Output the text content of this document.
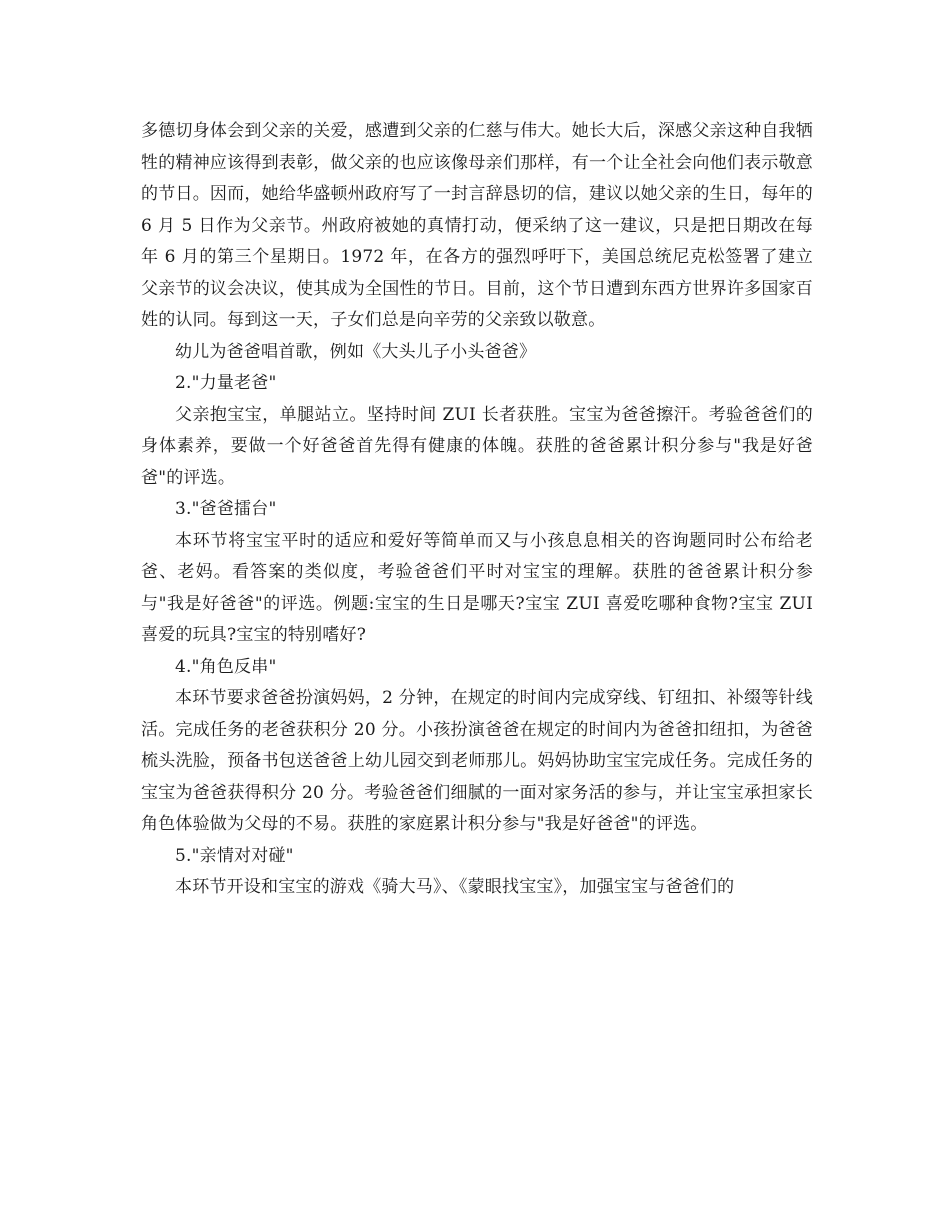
多德切身体会到父亲的关爱，感遭到父亲的仁慈与伟大。她长大后，深感父亲这种自我牺牲的精神应该得到表彰，做父亲的也应该像母亲们那样，有一个让全社会向他们表示敬意的节日。因而，她给华盛顿州政府写了一封言辞恳切的信，建议以她父亲的生日，每年的 6 月 5 日作为父亲节。州政府被她的真情打动，便采纳了这一建议，只是把日期改在每年 6 月的第三个星期日。1972 年，在各方的强烈呼吁下，美国总统尼克松签署了建立父亲节的议会决议，使其成为全国性的节日。目前，这个节日遭到东西方世界许多国家百姓的认同。每到这一天，子女们总是向辛劳的父亲致以敬意。

幼儿为爸爸唱首歌，例如《大头儿子小头爸爸》

2."力量老爸"

父亲抱宝宝，单腿站立。坚持时间 ZUI 长者获胜。宝宝为爸爸擦汗。考验爸爸们的身体素养，要做一个好爸爸首先得有健康的体魄。获胜的爸爸累计积分参与"我是好爸爸"的评选。

3."爸爸擂台"

本环节将宝宝平时的适应和爱好等简单而又与小孩息息相关的咨询题同时公布给老爸、老妈。看答案的类似度，考验爸爸们平时对宝宝的理解。获胜的爸爸累计积分参与"我是好爸爸"的评选。例题:宝宝的生日是哪天?宝宝 ZUI 喜爱吃哪种食物?宝宝 ZUI 喜爱的玩具?宝宝的特别嗜好?

4."角色反串"

本环节要求爸爸扮演妈妈，2 分钟，在规定的时间内完成穿线、钉纽扣、补缀等针线活。完成任务的老爸获积分 20 分。小孩扮演爸爸在规定的时间内为爸爸扣纽扣，为爸爸梳头洗脸，预备书包送爸爸上幼儿园交到老师那儿。妈妈协助宝宝完成任务。完成任务的宝宝为爸爸获得积分 20 分。考验爸爸们细腻的一面对家务活的参与，并让宝宝承担家长角色体验做为父母的不易。获胜的家庭累计积分参与"我是好爸爸"的评选。

5."亲情对对碰"

本环节开设和宝宝的游戏《骑大马》、《蒙眼找宝宝》，加强宝宝与爸爸们的
